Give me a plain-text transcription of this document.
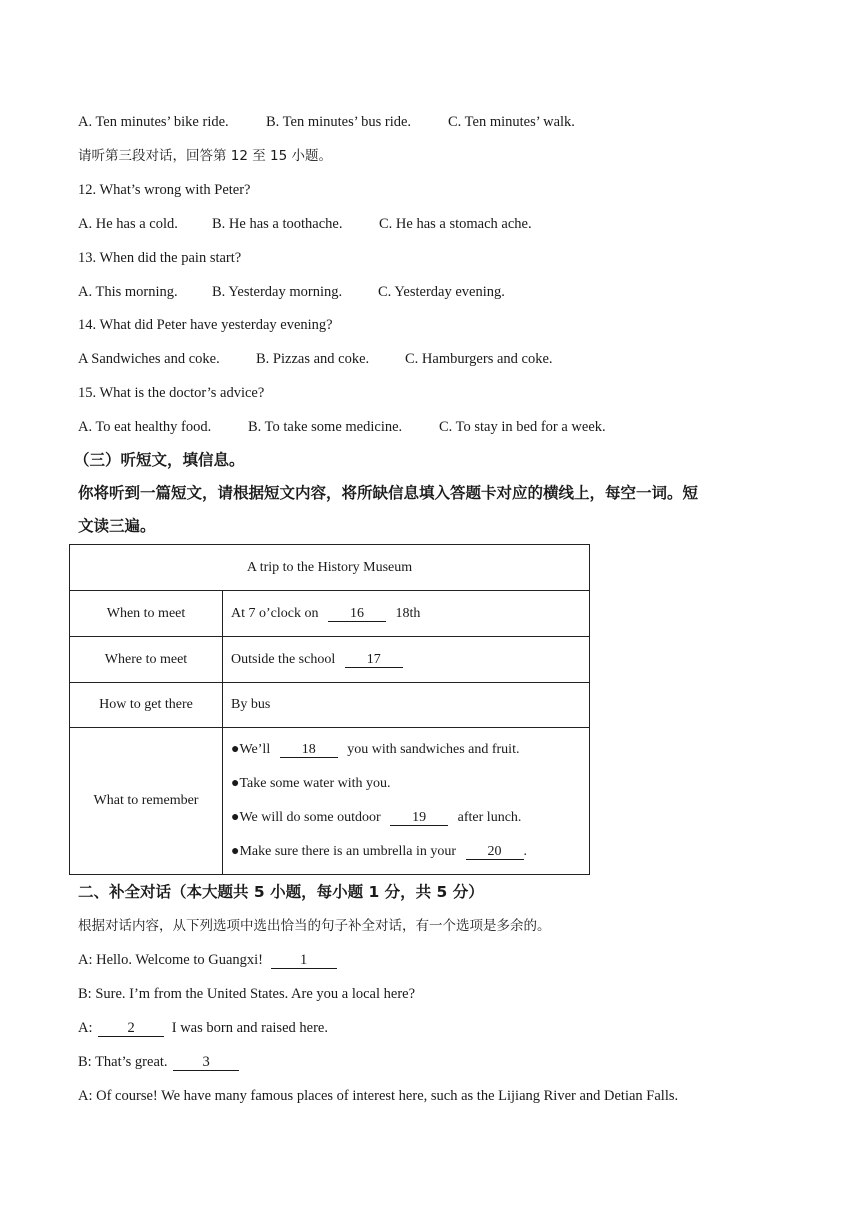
A. Ten minutes’ bike ride.	B. Ten minutes’ bus ride.	C. Ten minutes’ walk.
请听第三段对话，回答第 12 至 15 小题。
12. What’s wrong with Peter?
A. He has a cold. B. He has a toothache.	C. He has a stomach ache.
13. When did the pain start?
A. This morning. B. Yesterday morning. C. Yesterday evening.
14. What did Peter have yesterday evening?
A Sandwiches and coke.	B. Pizzas and coke. C. Hamburgers and coke.
15. What is the doctor’s advice?
A. To eat healthy food.	B. To take some medicine.	C. To stay in bed for a week.
（三）听短文，填信息。
你将听到一篇短文，请根据短文内容，将所缺信息填入答题卡对应的横线上，每空一词。短
文读三遍。
A trip to the History Museum	
When to meet	At 7 o’clock on 16 18th
Where to meet	Outside the school 17
How to get there	By bus
What to remember	●We’ll 18 you with sandwiches and fruit.
●Take some water with you.
●We will do some outdoor 19 after lunch.
●Make sure there is an umbrella in your 20 .
二、补全对话（本大题共 5 小题，每小题 1 分，共 5 分）
根据对话内容，从下列选项中选出恰当的句子补全对话，有一个选项是多余的。
A: Hello. Welcome to Guangxi!	1
B: Sure. I’m from the United States. Are you a local here?
A: 2	I was born and raised here.
B: That’s great. 3
A: Of course! We have many famous places of interest here, such as the Lijiang River and Detian Falls.
